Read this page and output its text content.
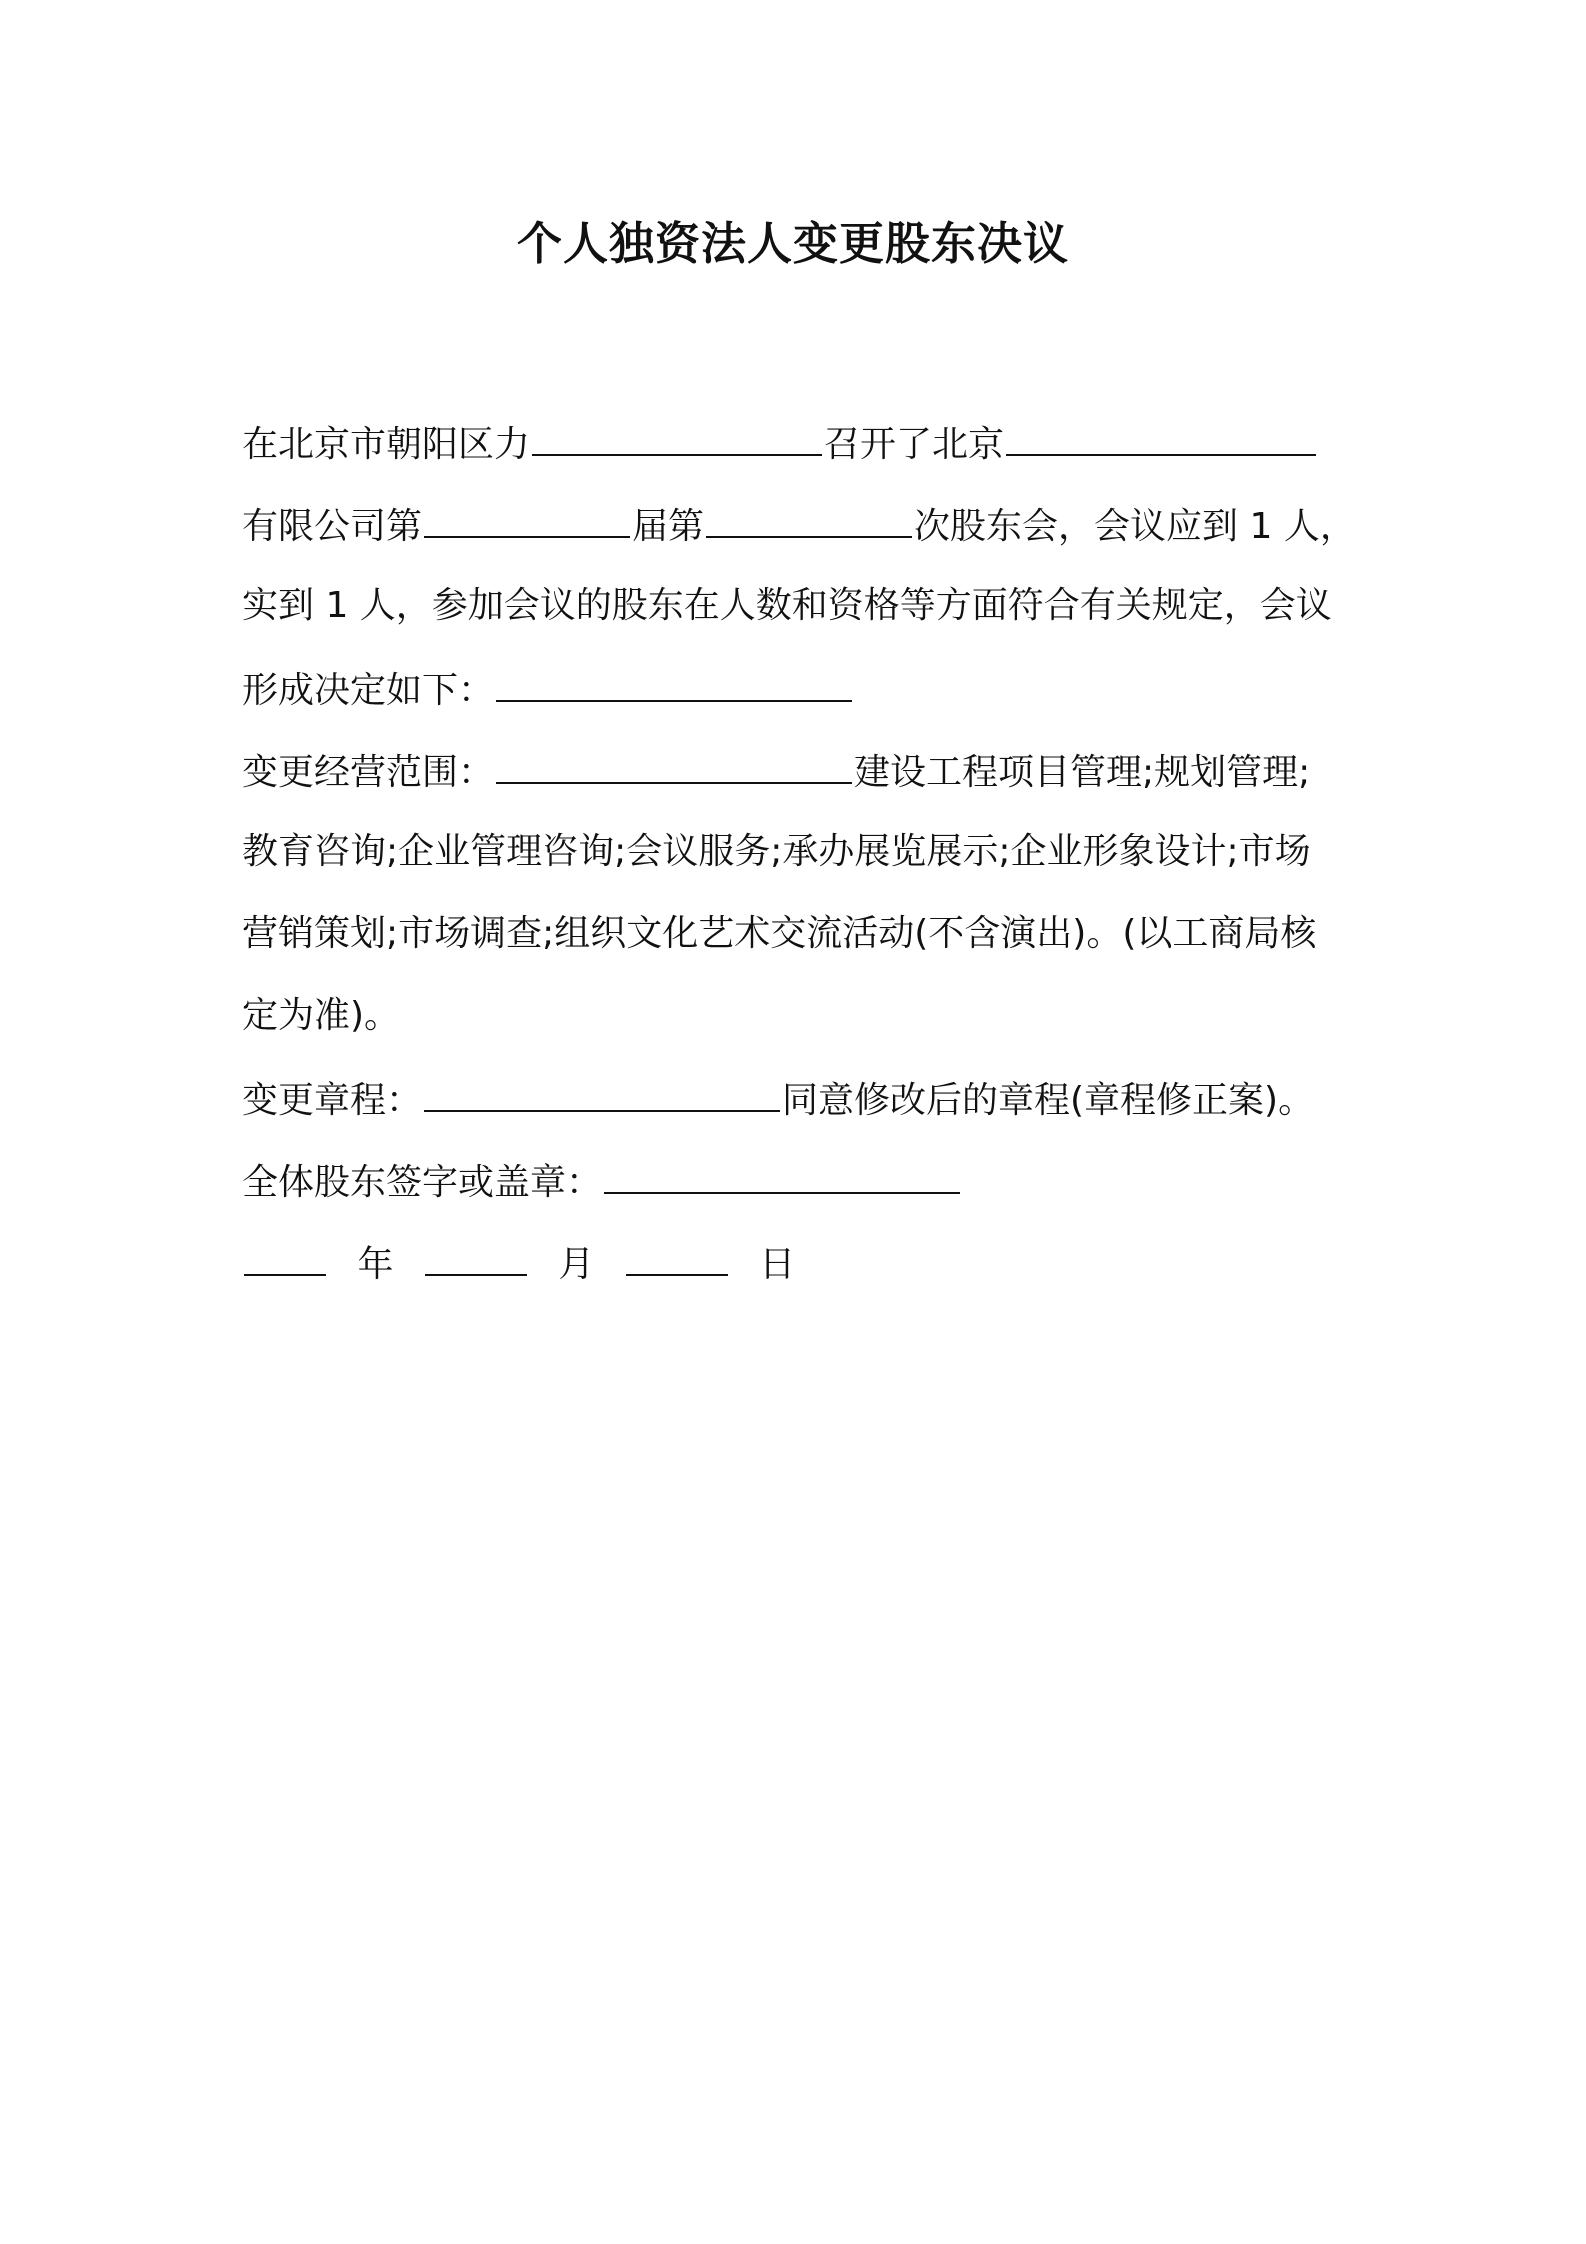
个人独资法人变更股东决议
在北京市朝阳区力	召开了北京
有限公司第	届第	次股东会，会议应到 1 人，
实到 1 人，参加会议的股东在人数和资格等方面符合有关规定，会议
形成决定如下：
变更经营范围：	建设工程项目管理;规划管理;
教育咨询;企业管理咨询;会议服务;承办展览展示;企业形象设计;市场
营销策划;市场调查;组织文化艺术交流活动(不含演出)。(以工商局核
定为准)。
变更章程：	同意修改后的章程(章程修正案)。
全体股东签字或盖章：
年	月	日
